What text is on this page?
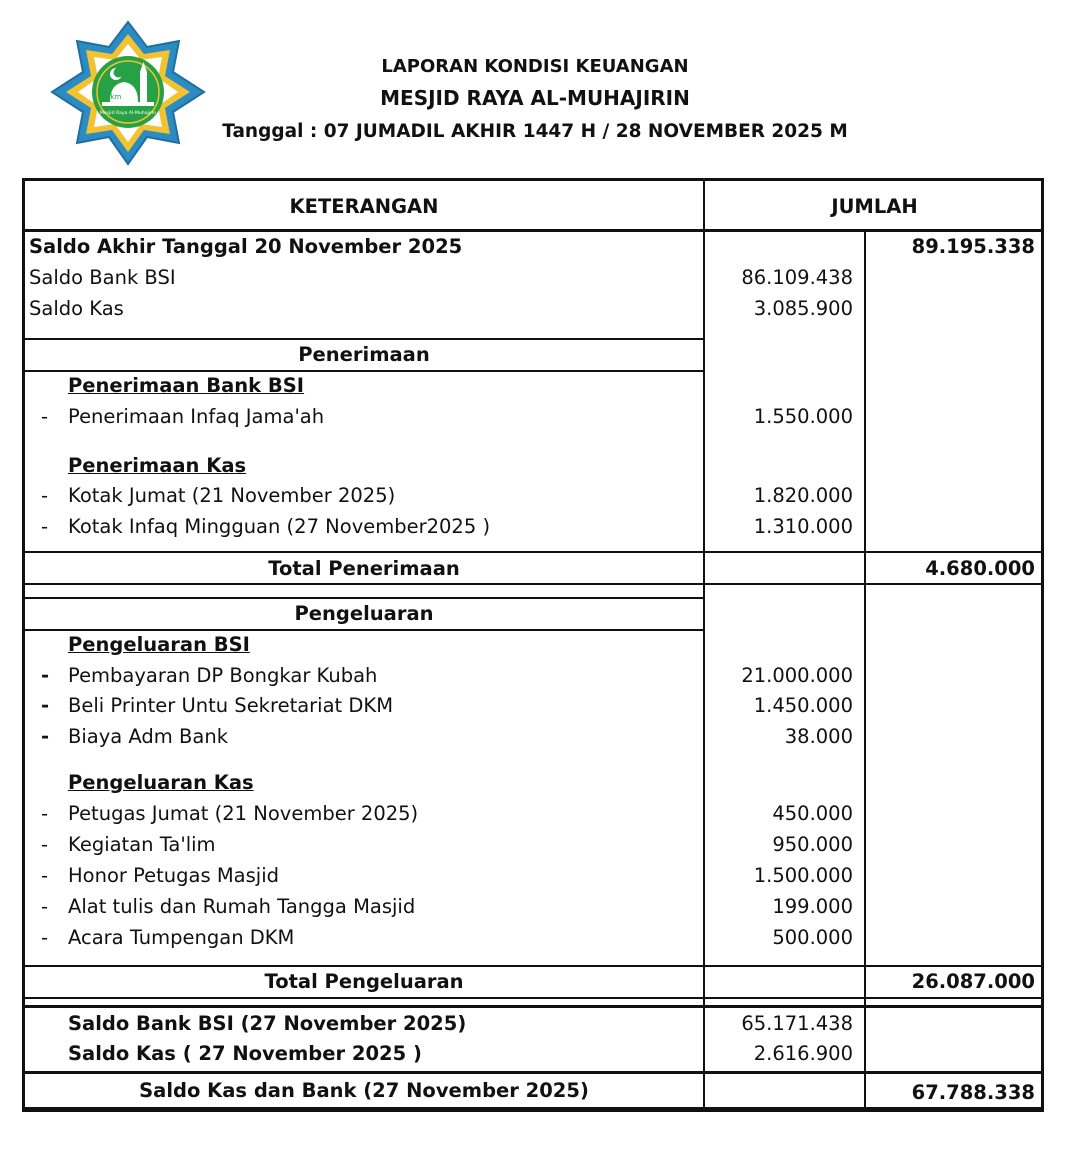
dkm
Mesjid Raya Al-Muhajirin
LAPORAN KONDISI KEUANGAN
MESJID RAYA AL-MUHAJIRIN
Tanggal : 07 JUMADIL AKHIR 1447 H / 28 NOVEMBER 2025 M
KETERANGAN	JUMLAH
Saldo Akhir Tanggal 20 November 2025	89.195.338
Saldo Bank BSI	86.109.438
Saldo Kas	3.085.900
Penerimaan
Penerimaan Bank BSI
- Penerimaan Infaq Jama'ah	1.550.000
Penerimaan Kas
- Kotak Jumat (21 November 2025)	1.820.000
- Kotak Infaq Mingguan (27 November2025 )	1.310.000
Total Penerimaan	4.680.000
Pengeluaran
Pengeluaran BSI
- Pembayaran DP Bongkar Kubah	21.000.000
- Beli Printer Untu Sekretariat DKM	1.450.000
- Biaya Adm Bank	38.000
Pengeluaran Kas
- Petugas Jumat (21 November 2025)	450.000
- Kegiatan Ta'lim	950.000
- Honor Petugas Masjid	1.500.000
- Alat tulis dan Rumah Tangga Masjid	199.000
- Acara Tumpengan DKM	500.000
Total Pengeluaran	26.087.000
Saldo Bank BSI (27 November 2025)	65.171.438
Saldo Kas ( 27 November 2025 )	2.616.900
Saldo Kas dan Bank (27 November 2025)	67.788.338
